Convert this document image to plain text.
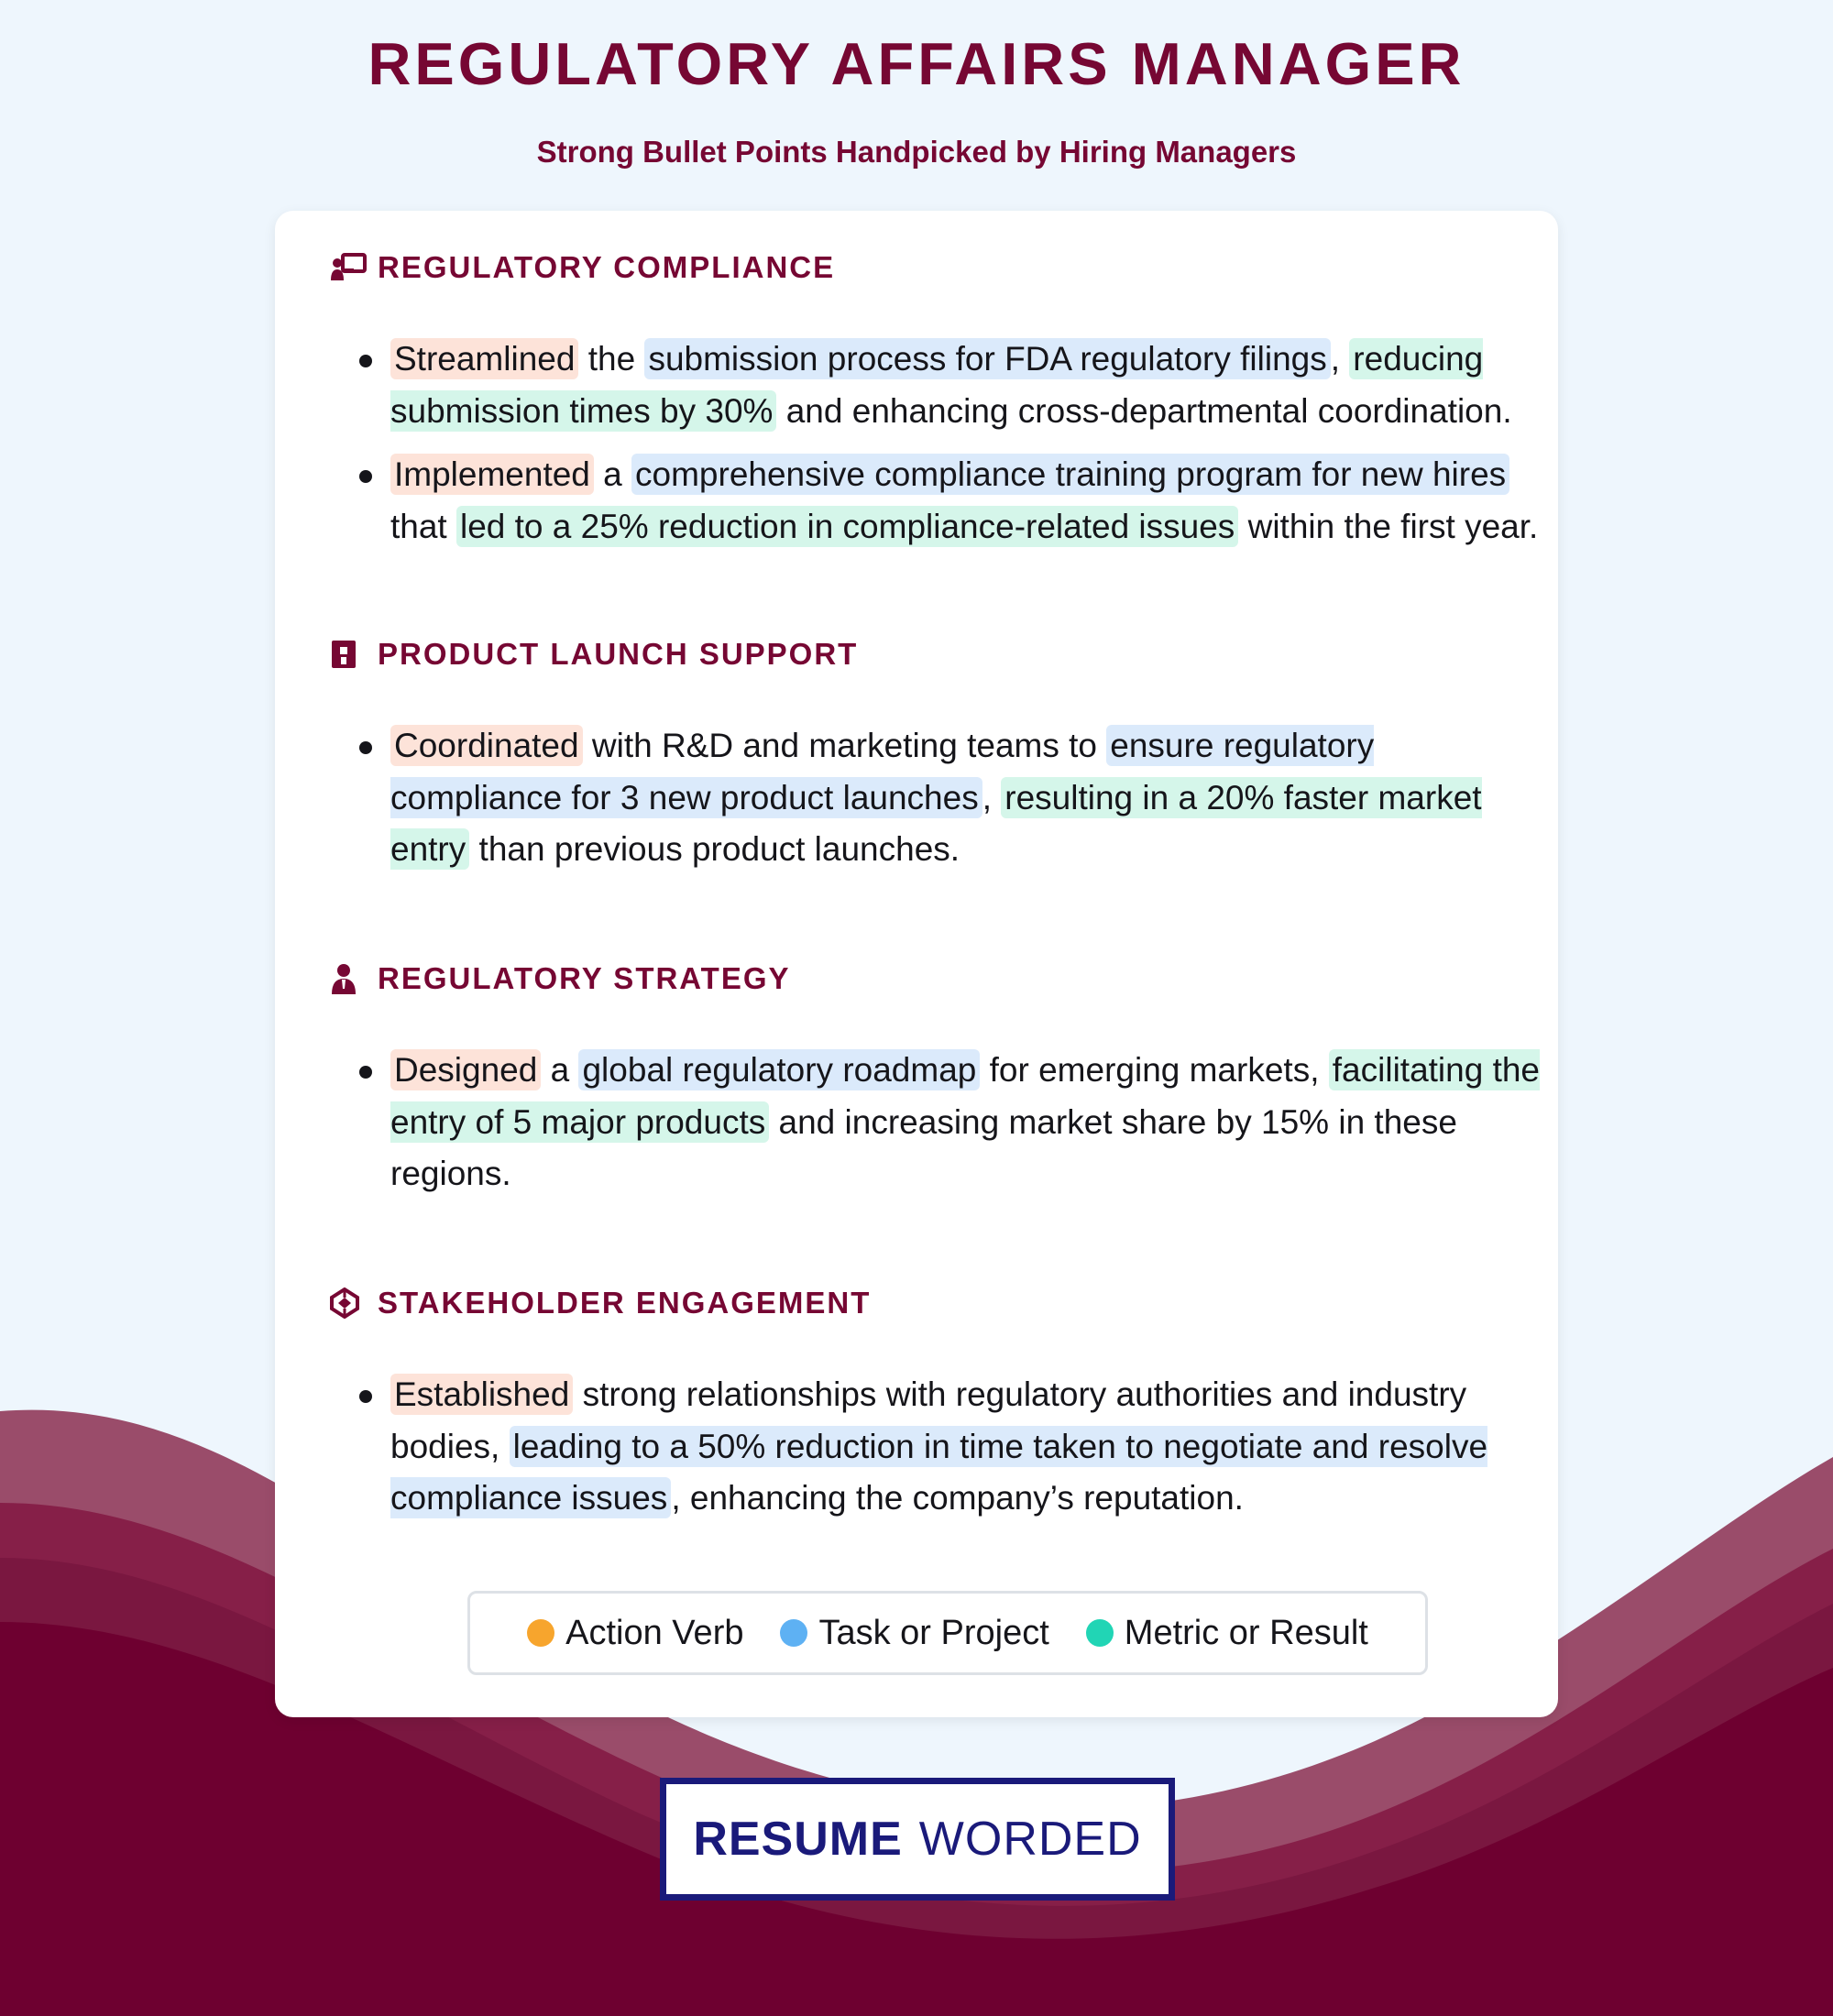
REGULATORY AFFAIRS MANAGER
Strong Bullet Points Handpicked by Hiring Managers
REGULATORY COMPLIANCE
Streamlined the submission process for FDA regulatory filings , reducing submission times by 30% and enhancing cross-departmental coordination.
Implemented a comprehensive compliance training program for new hires that led to a 25% reduction in compliance-related issues within the first year.
PRODUCT LAUNCH SUPPORT
Coordinated with R&D and marketing teams to ensure regulatory compliance for 3 new product launches , resulting in a 20% faster market entry than previous product launches.
REGULATORY STRATEGY
Designed a global regulatory roadmap for emerging markets, facilitating the entry of 5 major products and increasing market share by 15% in these regions.
STAKEHOLDER ENGAGEMENT
Established strong relationships with regulatory authorities and industry bodies, leading to a 50% reduction in time taken to negotiate and resolve compliance issues , enhancing the company’s reputation.
Action Verb Task or Project Metric or Result
RESUME WORDED
